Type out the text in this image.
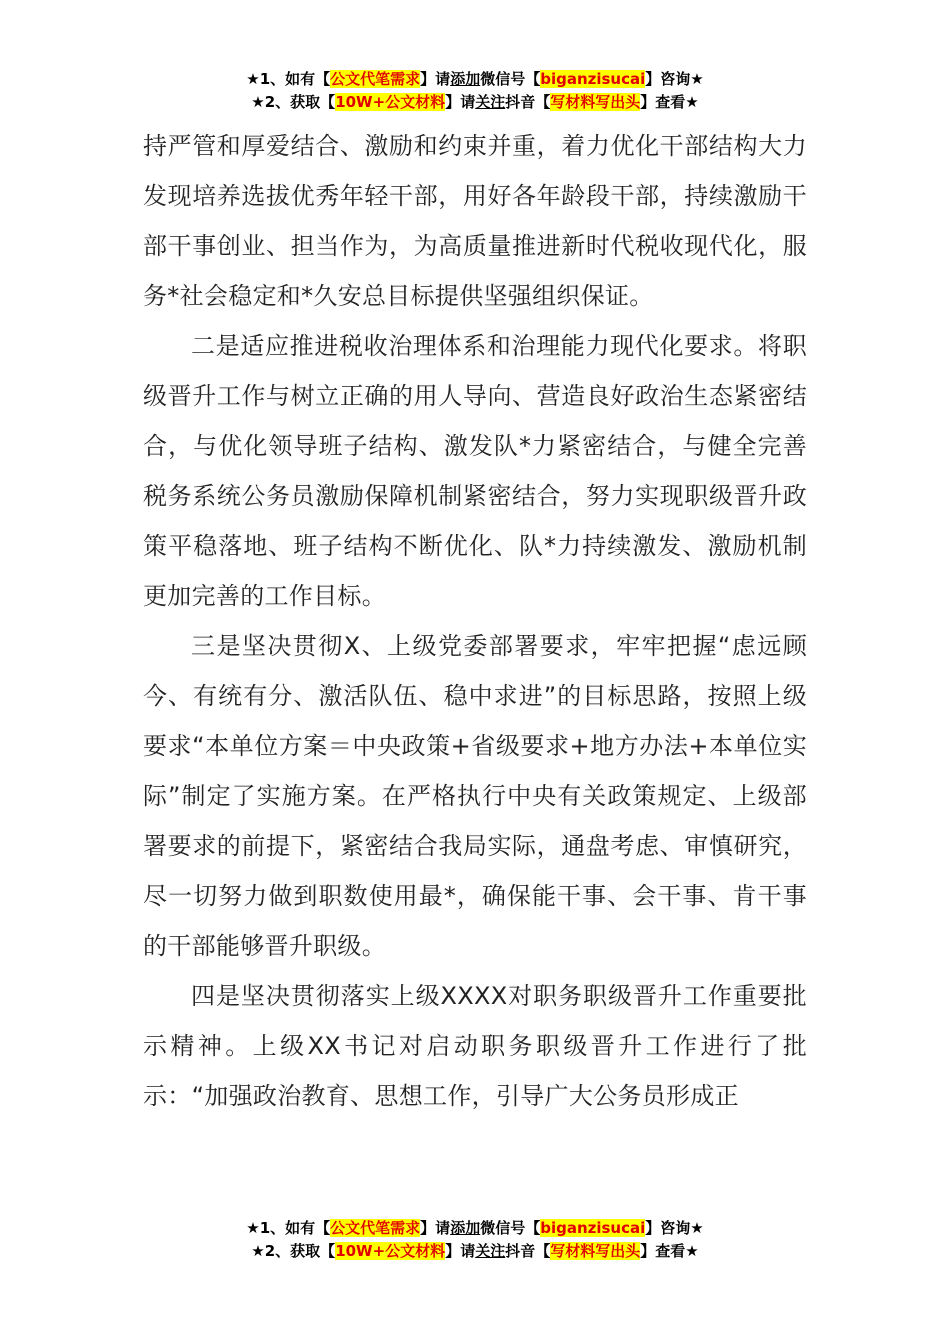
★1、如有【公文代笔需求】请添加微信号【biganzisucai】咨询★
★2、获取【10W+公文材料】请关注抖音【写材料写出头】查看★

持严管和厚爱结合、激励和约束并重，着力优化干部结构大力发现培养选拔优秀年轻干部，用好各年龄段干部，持续激励干部干事创业、担当作为，为高质量推进新时代税收现代化，服务*社会稳定和*久安总目标提供坚强组织保证。

二是适应推进税收治理体系和治理能力现代化要求。将职级晋升工作与树立正确的用人导向、营造良好政治生态紧密结合，与优化领导班子结构、激发队*力紧密结合，与健全完善税务系统公务员激励保障机制紧密结合，努力实现职级晋升政策平稳落地、班子结构不断优化、队*力持续激发、激励机制更加完善的工作目标。

三是坚决贯彻X、上级党委部署要求，牢牢把握“虑远顾今、有统有分、激活队伍、稳中求进”的目标思路，按照上级要求“本单位方案＝中央政策+省级要求+地方办法+本单位实际”制定了实施方案。在严格执行中央有关政策规定、上级部署要求的前提下，紧密结合我局实际，通盘考虑、审慎研究，尽一切努力做到职数使用最*，确保能干事、会干事、肯干事的干部能够晋升职级。

四是坚决贯彻落实上级XXXX对职务职级晋升工作重要批示精神。上级XX书记对启动职务职级晋升工作进行了批示：“加强政治教育、思想工作，引导广大公务员形成正

★1、如有【公文代笔需求】请添加微信号【biganzisucai】咨询★
★2、获取【10W+公文材料】请关注抖音【写材料写出头】查看★
